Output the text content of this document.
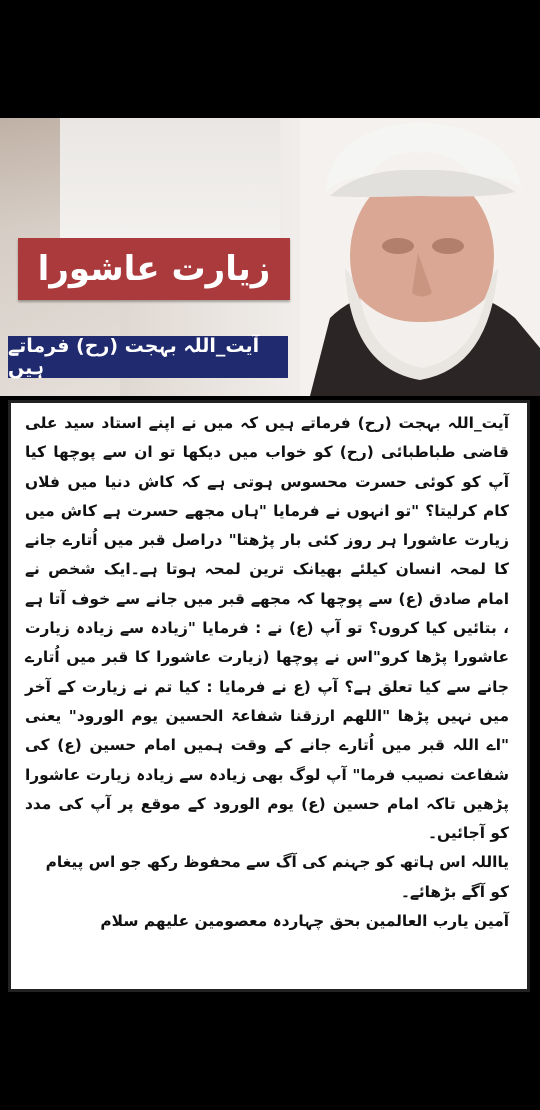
زیارت عاشورا
آیت_اللہ بہجت (رح) فرماتے ہیں

آیت_اللہ بہجت (رح) فرماتے ہیں کہ میں نے اپنے استاد سید علی قاضی طباطبائی (رح) کو خواب میں دیکھا تو ان سے پوچھا کیا آپ کو کوئی حسرت محسوس ہوتی ہے کہ کاش دنیا میں فلاں کام کرلیتا؟ "تو انہوں نے فرمایا "ہاں مجھے حسرت ہے کاش میں زیارت عاشورا ہر روز کئی بار پڑھتا" دراصل قبر میں اُتارے جانے کا لمحہ انسان کیلئے بھیانک ترین لمحہ ہوتا ہے۔ایک شخص نے امام صادق (ع) سے پوچھا کہ مجھے قبر میں جانے سے خوف آتا ہے ، بتائیں کیا کروں؟ تو آپ (ع) نے : فرمایا "زیادہ سے زیادہ زیارت عاشورا پڑھا کرو"اس نے پوچھا (زیارت عاشورا کا قبر میں اُتارے جانے سے کیا تعلق ہے؟ آپ (ع نے فرمایا : کیا تم نے زیارت کے آخر میں نہیں پڑھا "اللھم ارزقنا شفاعۃ الحسین یوم الورود" یعنی "اے اللہ قبر میں اُتارے جانے کے وقت ہمیں امام حسین (ع) کی شفاعت نصیب فرما" آپ لوگ بھی زیادہ سے زیادہ زیارت عاشورا پڑھیں تاکہ امام حسین (ع) یوم الورود کے موقع پر آپ کی مدد کو آجائیں۔

یااللہ اس ہاتھ کو جہنم کی آگ سے محفوظ رکھ جو اس پیغام کو آگے بڑھائے۔

آمین یارب العالمین بحق چہاردہ معصومین علیھم سلام
